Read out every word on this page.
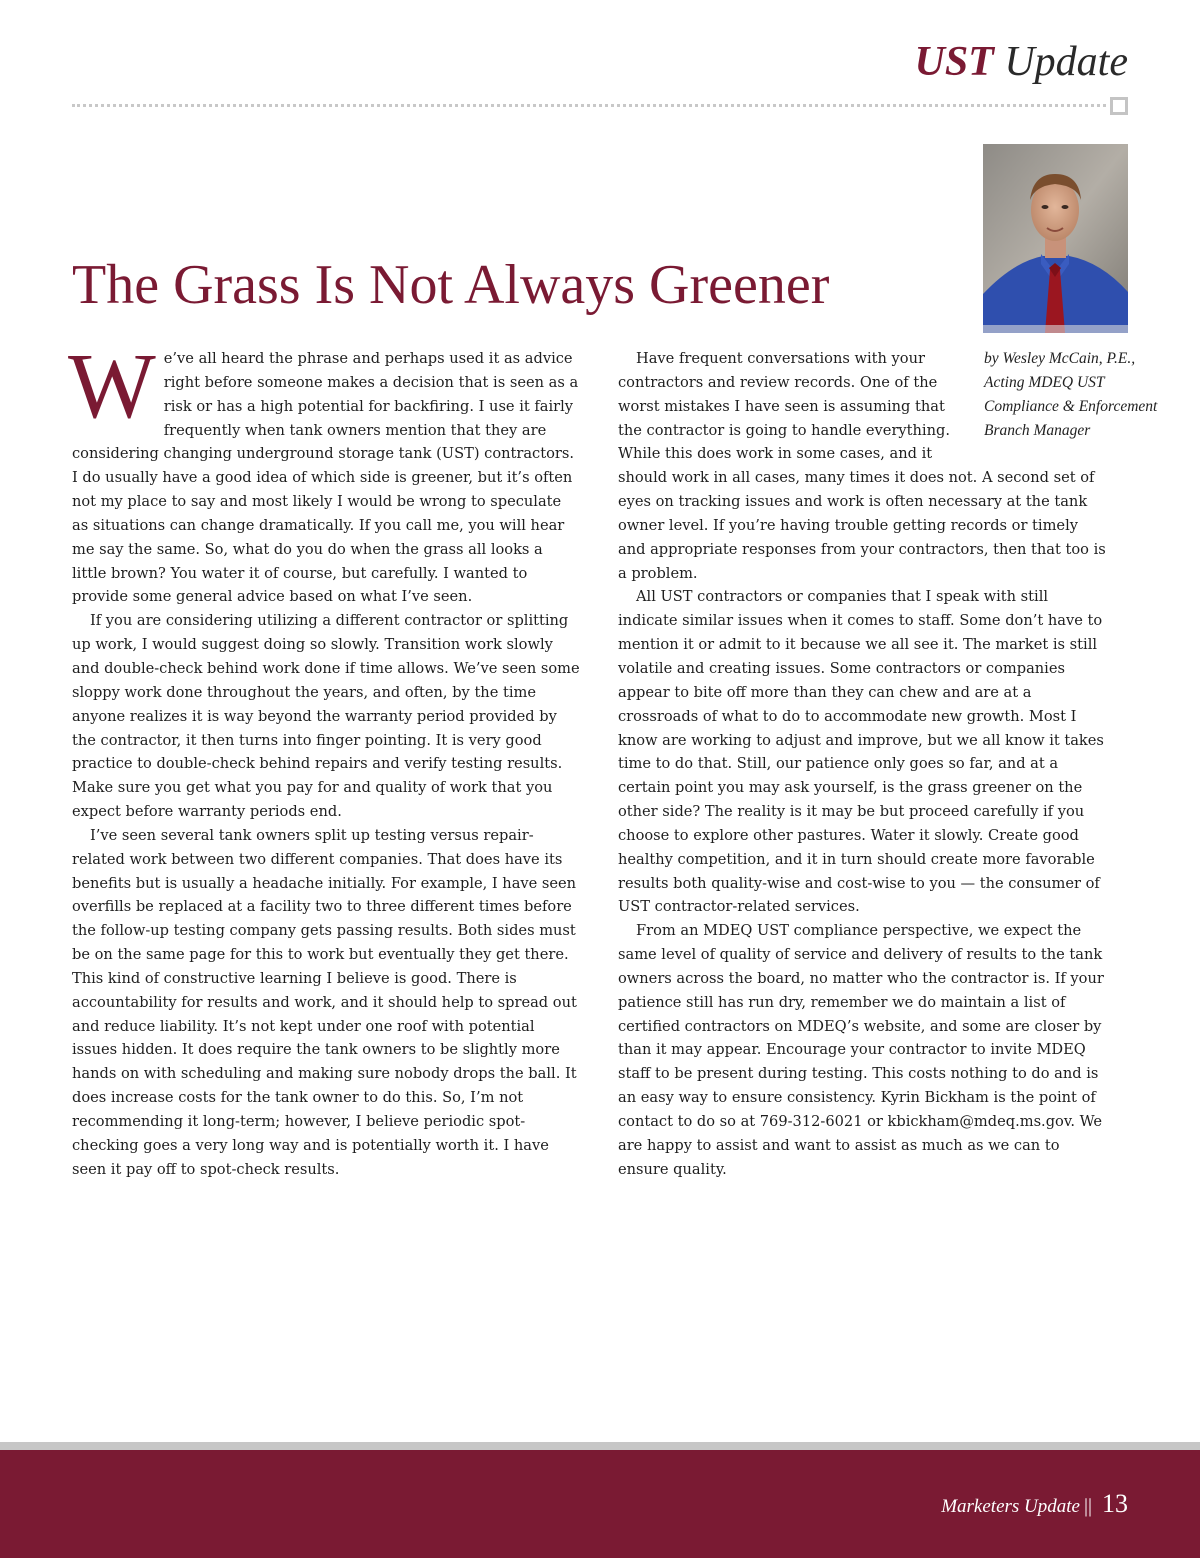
UST Update
by Wesley McCain, P.E.,
Acting MDEQ UST
Compliance & Enforcement
Branch Manager
The Grass Is Not Always Greener

We’ve all heard the phrase and perhaps used it as advice right before someone makes a decision that is seen as a risk or has a high potential for backfiring. I use it fairly frequently when tank owners mention that they are considering changing underground storage tank (UST) contractors. I do usually have a good idea of which side is greener, but it’s often not my place to say and most likely I would be wrong to speculate as situations can change dramatically. If you call me, you will hear me say the same. So, what do you do when the grass all looks a little brown? You water it of course, but carefully. I wanted to provide some general advice based on what I’ve seen.

If you are considering utilizing a different contractor or splitting up work, I would suggest doing so slowly. Transition work slowly and double-check behind work done if time allows. We’ve seen some sloppy work done throughout the years, and often, by the time anyone realizes it is way beyond the warranty period provided by the contractor, it then turns into finger pointing. It is very good practice to double-check behind repairs and verify testing results. Make sure you get what you pay for and quality of work that you expect before warranty periods end.

I’ve seen several tank owners split up testing versus repair-related work between two different companies. That does have its benefits but is usually a headache initially. For example, I have seen overfills be replaced at a facility two to three different times before the follow-up testing company gets passing results. Both sides must be on the same page for this to work but eventually they get there. This kind of constructive learning I believe is good. There is accountability for results and work, and it should help to spread out and reduce liability. It’s not kept under one roof with potential issues hidden. It does require the tank owners to be slightly more hands on with scheduling and making sure nobody drops the ball. It does increase costs for the tank owner to do this. So, I’m not recommending it long-term; however, I believe periodic spot-checking goes a very long way and is potentially worth it. I have seen it pay off to spot-check results.

Have frequent conversations with your contractors and review records. One of the worst mistakes I have seen is assuming that the contractor is going to handle everything. While this does work in some cases, and it

should work in all cases, many times it does not. A second set of eyes on tracking issues and work is often necessary at the tank owner level. If you’re having trouble getting records or timely and appropriate responses from your contractors, then that too is a problem.

All UST contractors or companies that I speak with still indicate similar issues when it comes to staff. Some don’t have to mention it or admit to it because we all see it. The market is still volatile and creating issues. Some contractors or companies appear to bite off more than they can chew and are at a crossroads of what to do to accommodate new growth. Most I know are working to adjust and improve, but we all know it takes time to do that. Still, our patience only goes so far, and at a certain point you may ask yourself, is the grass greener on the other side? The reality is it may be but proceed carefully if you choose to explore other pastures. Water it slowly. Create good healthy competition, and it in turn should create more favorable results both quality-wise and cost-wise to you — the consumer of UST contractor-related services.

From an MDEQ UST compliance perspective, we expect the same level of quality of service and delivery of results to the tank owners across the board, no matter who the contractor is. If your patience still has run dry, remember we do maintain a list of certified contractors on MDEQ’s website, and some are closer by than it may appear. Encourage your contractor to invite MDEQ staff to be present during testing. This costs nothing to do and is an easy way to ensure consistency. Kyrin Bickham is the point of contact to do so at 769-312-6021 or kbickham@mdeq.ms.gov. We are happy to assist and want to assist as much as we can to ensure quality.

Marketers Update || 13
